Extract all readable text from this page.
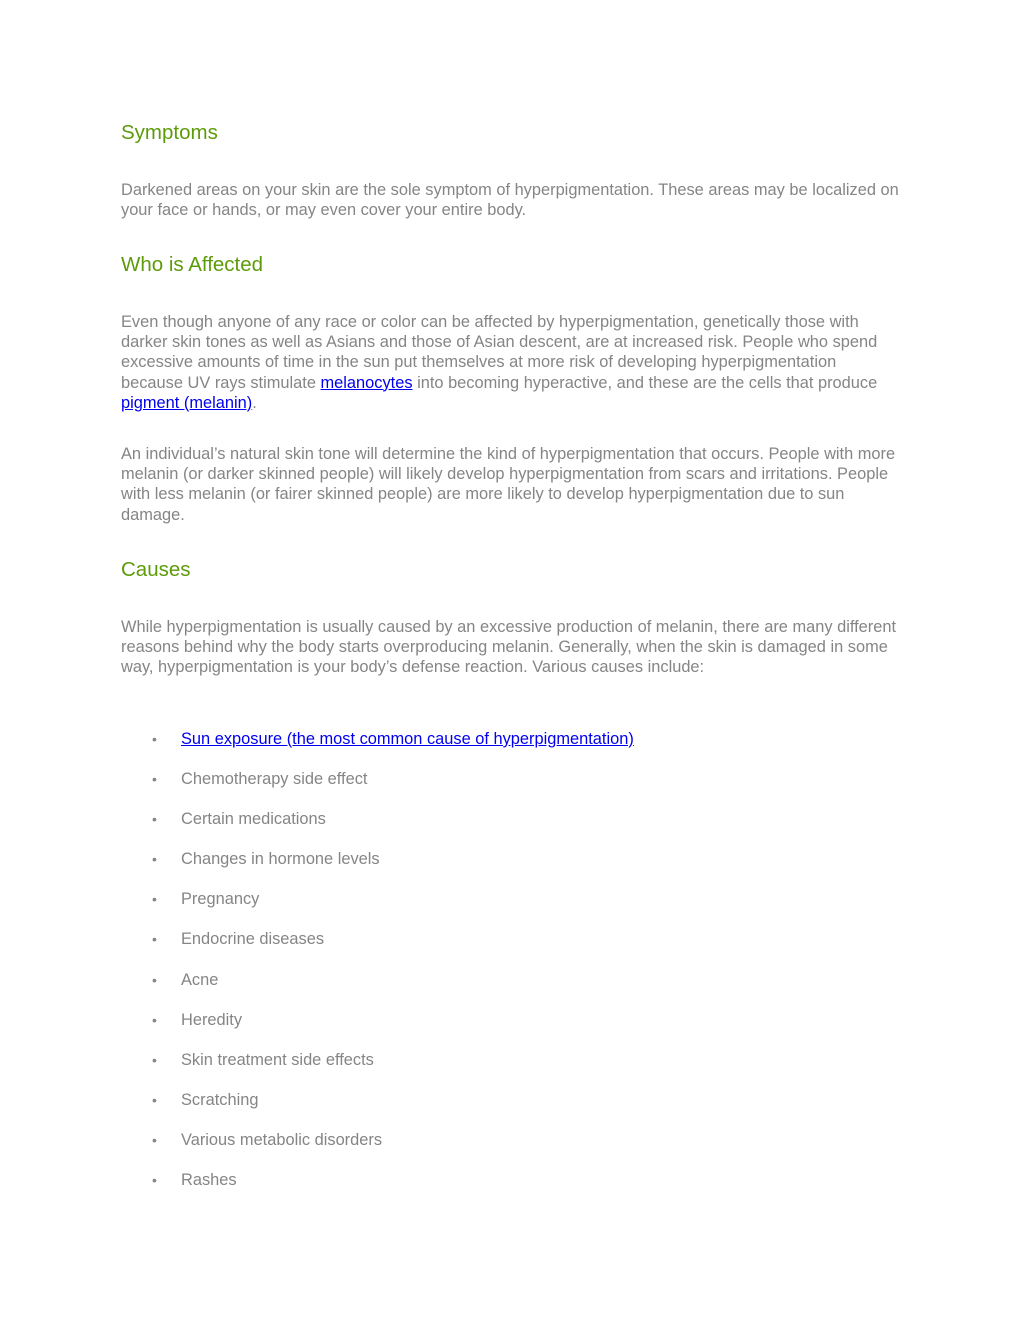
Symptoms

Darkened areas on your skin are the sole symptom of hyperpigmentation. These areas may be localized on your face or hands, or may even cover your entire body.

Who is Affected

Even though anyone of any race or color can be affected by hyperpigmentation, genetically those with darker skin tones as well as Asians and those of Asian descent, are at increased risk. People who spend excessive amounts of time in the sun put themselves at more risk of developing hyperpigmentation because UV rays stimulate melanocytes into becoming hyperactive, and these are the cells that produce pigment (melanin).

An individual’s natural skin tone will determine the kind of hyperpigmentation that occurs. People with more melanin (or darker skinned people) will likely develop hyperpigmentation from scars and irritations. People with less melanin (or fairer skinned people) are more likely to develop hyperpigmentation due to sun damage.

Causes

While hyperpigmentation is usually caused by an excessive production of melanin, there are many different reasons behind why the body starts overproducing melanin. Generally, when the skin is damaged in some way, hyperpigmentation is your body’s defense reaction. Various causes include:

• Sun exposure (the most common cause of hyperpigmentation)
• Chemotherapy side effect
• Certain medications
• Changes in hormone levels
• Pregnancy
• Endocrine diseases
• Acne
• Heredity
• Skin treatment side effects
• Scratching
• Various metabolic disorders
• Rashes
